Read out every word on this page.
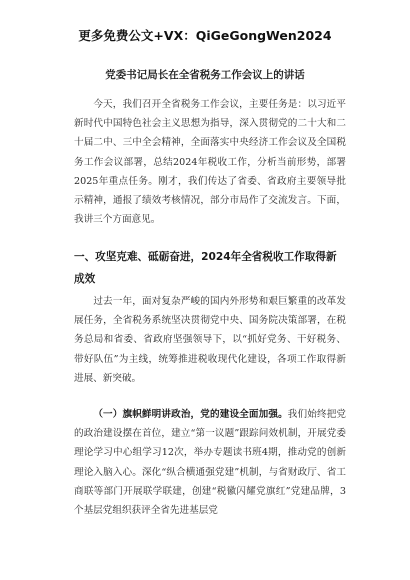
更多免费公文+VX：QiGeGongWen2024
党委书记局长在全省税务工作会议上的讲话

今天，我们召开全省税务工作会议，主要任务是：以习近平新时代中国特色社会主义思想为指导，深入贯彻党的二十大和二十届二中、三中全会精神，全面落实中央经济工作会议及全国税务工作会议部署，总结2024年税收工作，分析当前形势，部署2025年重点任务。刚才，我们传达了省委、省政府主要领导批示精神，通报了绩效考核情况，部分市局作了交流发言。下面，我讲三个方面意见。

一、攻坚克难、砥砺奋进，2024年全省税收工作取得新成效

过去一年，面对复杂严峻的国内外形势和艰巨繁重的改革发展任务，全省税务系统坚决贯彻党中央、国务院决策部署，在税务总局和省委、省政府坚强领导下，以“抓好党务、干好税务、带好队伍”为主线，统筹推进税收现代化建设，各项工作取得新进展、新突破。

（一）旗帜鲜明讲政治，党的建设全面加强。我们始终把党的政治建设摆在首位，建立“第一议题”跟踪问效机制，开展党委理论学习中心组学习12次，举办专题读书班4期，推动党的创新理论入脑入心。深化“纵合横通强党建”机制，与省财政厅、省工商联等部门开展联学联建，创建“税徽闪耀党旗红”党建品牌，3个基层党组织获评全省先进基层党
